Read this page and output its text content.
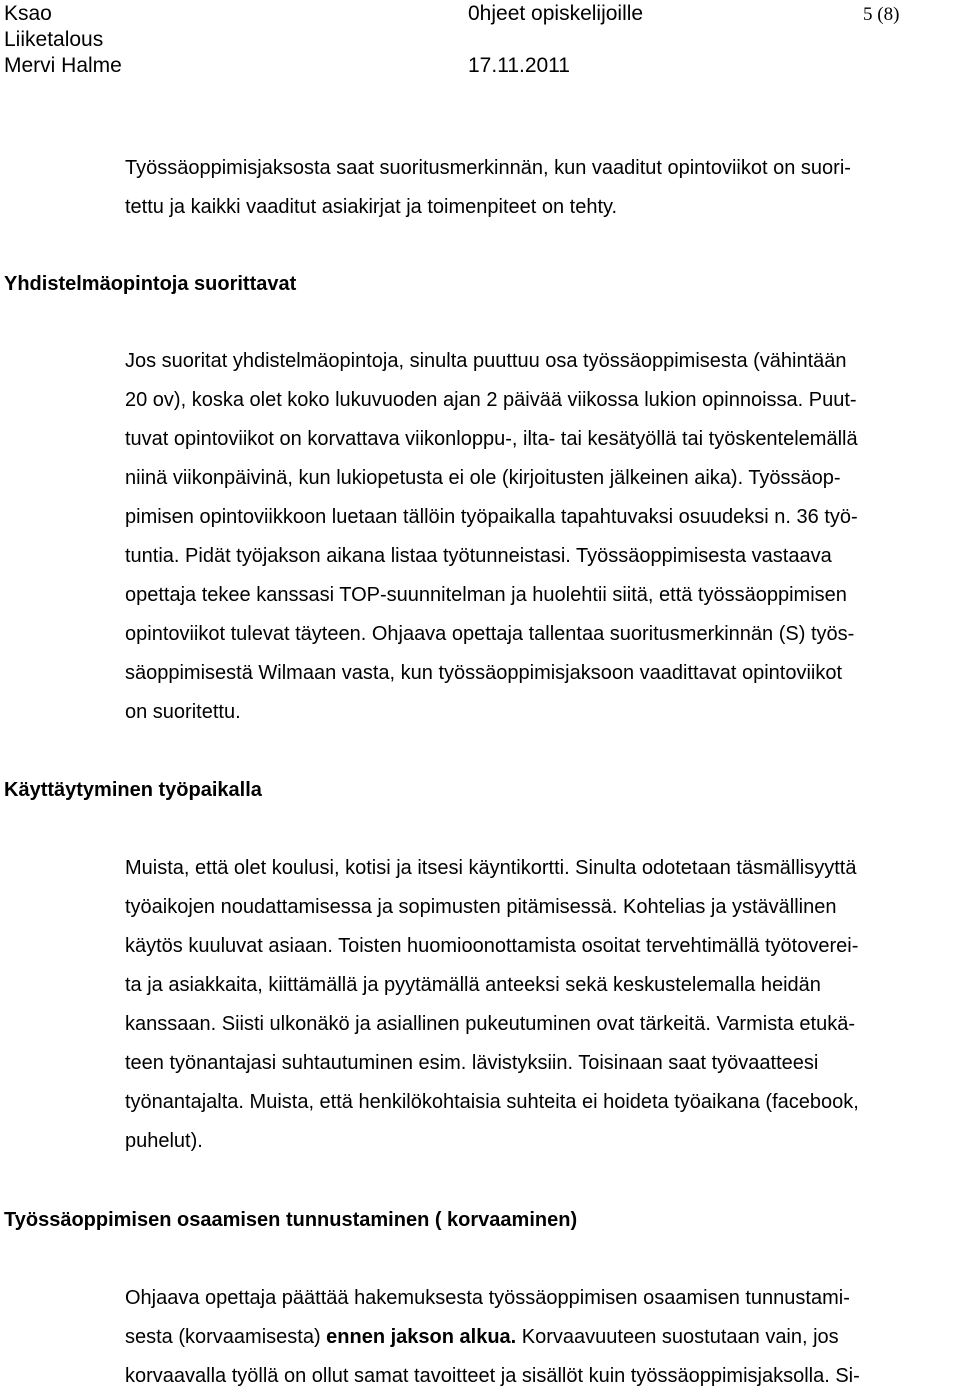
Ksao	0hjeet opiskelijoille	5 (8)
Liiketalous
Mervi Halme	17.11.2011
Työssäoppimisjaksosta saat suoritusmerkinnän, kun vaaditut opintoviikot on suori-
tettu ja kaikki vaaditut asiakirjat ja toimenpiteet on tehty.
Yhdistelmäopintoja suorittavat
Jos suoritat yhdistelmäopintoja, sinulta puuttuu osa työssäoppimisesta (vähintään
20 ov), koska olet koko lukuvuoden ajan 2 päivää viikossa lukion opinnoissa. Puut-
tuvat opintoviikot on korvattava viikonloppu-, ilta- tai kesätyöllä tai työskentelemällä
niinä viikonpäivinä, kun lukiopetusta ei ole (kirjoitusten jälkeinen aika). Työssäop-
pimisen opintoviikkoon luetaan tällöin työpaikalla tapahtuvaksi osuudeksi n. 36 työ-
tuntia. Pidät työjakson aikana listaa työtunneistasi. Työssäoppimisesta vastaava
opettaja tekee kanssasi TOP-suunnitelman ja huolehtii siitä, että työssäoppimisen
opintoviikot tulevat täyteen. Ohjaava opettaja tallentaa suoritusmerkinnän (S) työs-
säoppimisestä Wilmaan vasta, kun työssäoppimisjaksoon vaadittavat opintoviikot
on suoritettu.
Käyttäytyminen työpaikalla
Muista, että olet koulusi, kotisi ja itsesi käyntikortti. Sinulta odotetaan täsmällisyyttä
työaikojen noudattamisessa ja sopimusten pitämisessä. Kohtelias ja ystävällinen
käytös kuuluvat asiaan. Toisten huomioonottamista osoitat tervehtimällä työtoverei-
ta ja asiakkaita, kiittämällä ja pyytämällä anteeksi sekä keskustelemalla heidän
kanssaan. Siisti ulkonäkö ja asiallinen pukeutuminen ovat tärkeitä. Varmista etukä-
teen työnantajasi suhtautuminen esim. lävistyksiin. Toisinaan saat työvaatteesi
työnantajalta. Muista, että henkilökohtaisia suhteita ei hoideta työaikana (facebook,
puhelut).
Työssäoppimisen osaamisen tunnustaminen ( korvaaminen)
Ohjaava opettaja päättää hakemuksesta työssäoppimisen osaamisen tunnustami-
sesta (korvaamisesta) ennen jakson alkua. Korvaavuuteen suostutaan vain, jos
korvaavalla työllä on ollut samat tavoitteet ja sisällöt kuin työssäoppimisjaksolla. Si-
